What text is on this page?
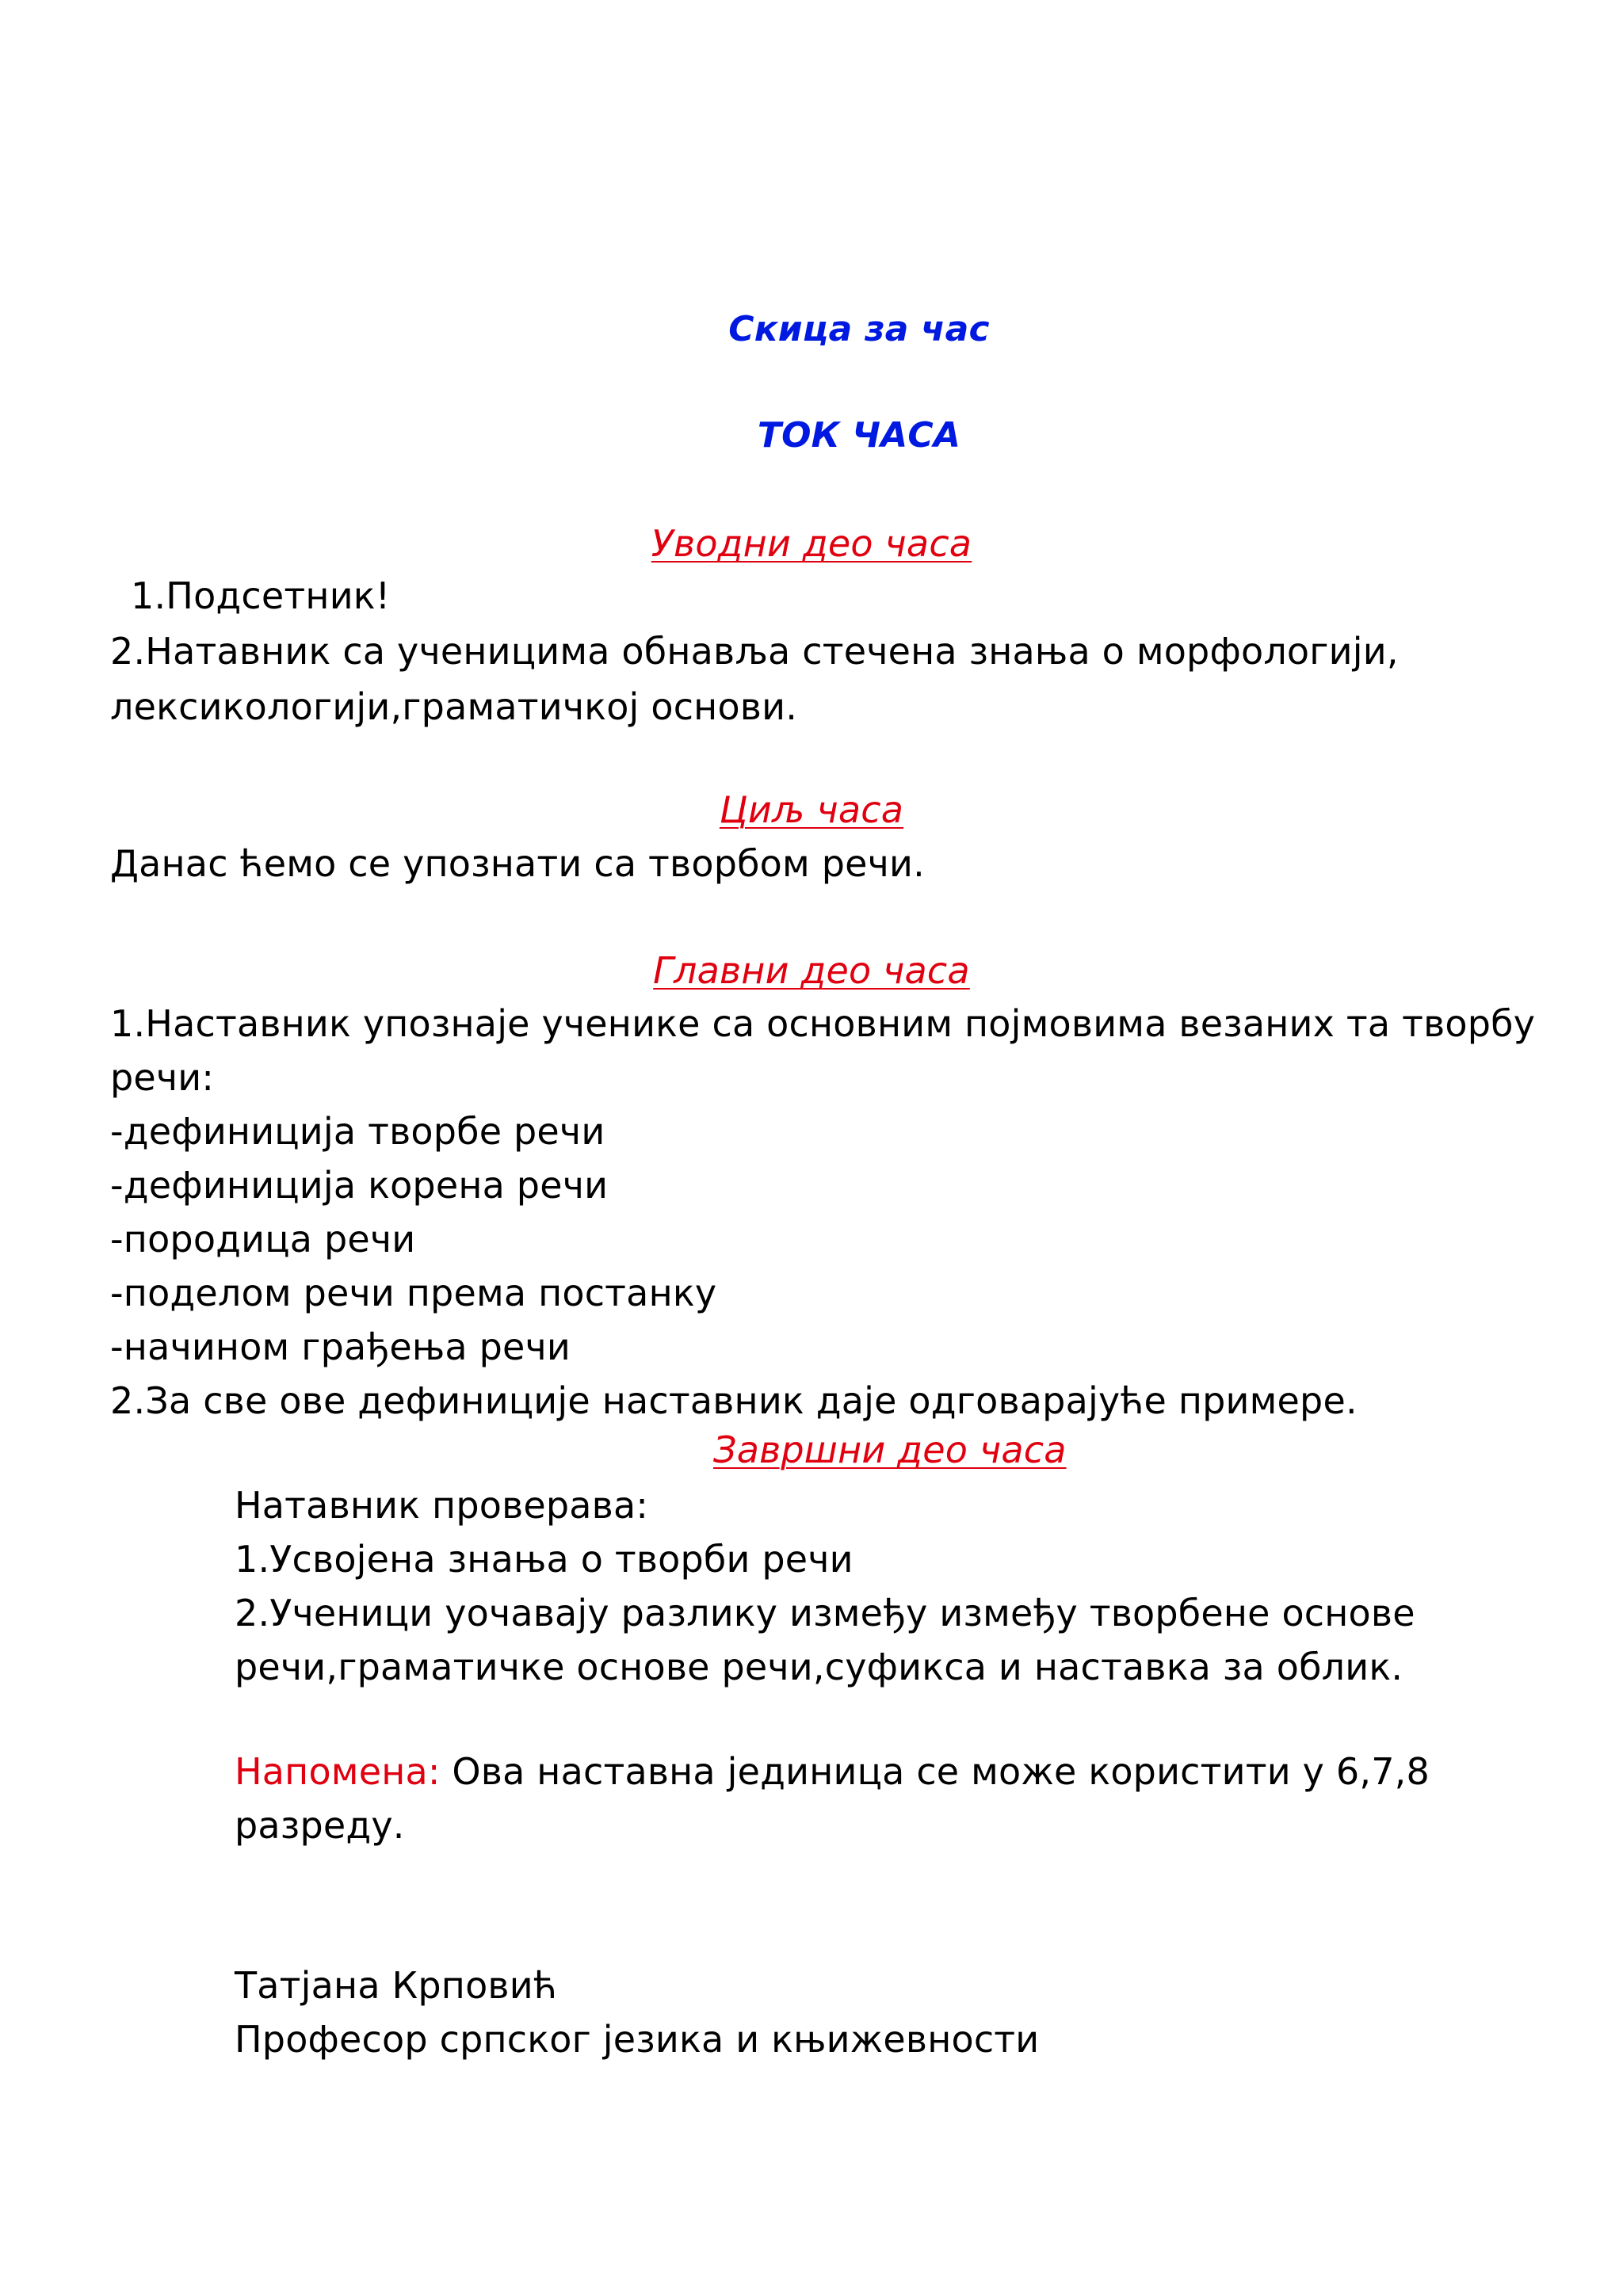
Скица за час
ТОК ЧАСА
Уводни део часа
1.Подсетник!
2.Натавник са ученицима обнавља стечена знања о морфологији,
лексикологији,граматичкој основи.
Циљ часа
Данас ћемо се упознати са творбом речи.
Главни део часа
1.Наставник упознаје ученике са основним појмовима везаних та творбу
речи:
-дефиниција творбе речи
-дефиниција корена речи
-породица речи
-поделом речи према постанку
-начином грађења речи
2.За све ове дефиниције наставник даје одговарајуће примере.
Завршни део часа
Натавник проверава:
1.Усвојена знања о творби речи
2.Ученици уочавају разлику између између творбене основе
речи,граматичке основе речи,суфикса и наставка за облик.
Напомена: Ова наставна јединица се може користити у 6,7,8
разреду.
Татјана Крповић
Професор српског језика и књижевности
